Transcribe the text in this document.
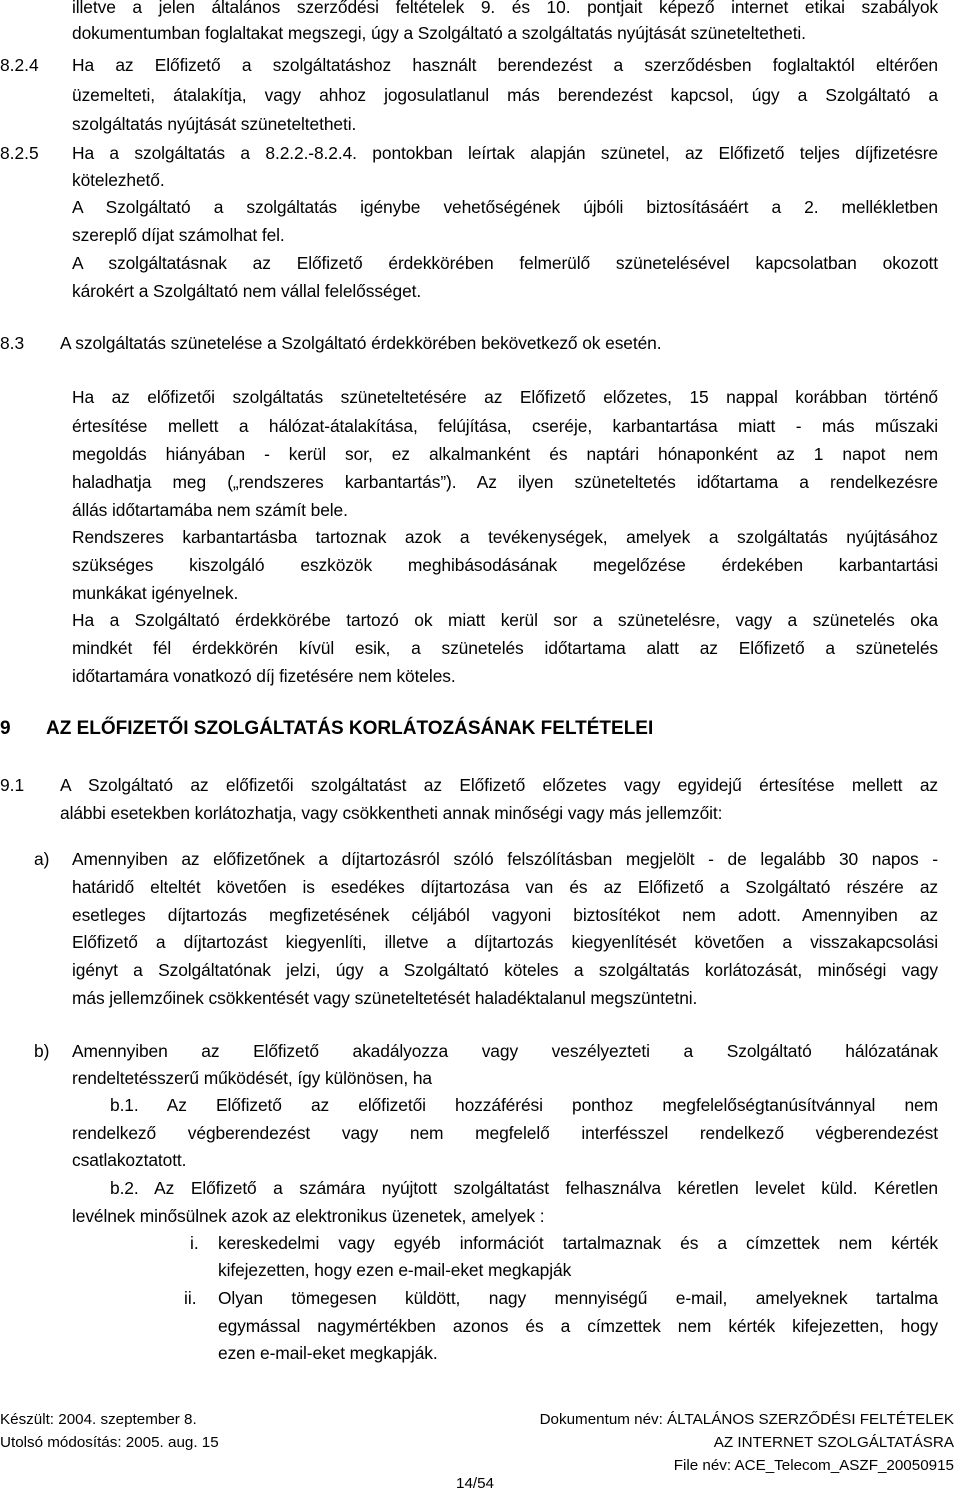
illetve a jelen általános szerződési feltételek 9. és 10. pontjait képező internet etikai szabályok
dokumentumban foglaltakat megszegi, úgy a Szolgáltató a szolgáltatás nyújtását szüneteltetheti.
8.2.4 Ha az Előfizető a szolgáltatáshoz használt berendezést a szerződésben foglaltaktól eltérően
üzemelteti, átalakítja, vagy ahhoz jogosulatlanul más berendezést kapcsol, úgy a Szolgáltató a
szolgáltatás nyújtását szüneteltetheti.
8.2.5 Ha a szolgáltatás a 8.2.2.-8.2.4. pontokban leírtak alapján szünetel, az Előfizető teljes díjfizetésre
kötelezhető.
A Szolgáltató a szolgáltatás igénybe vehetőségének újbóli biztosításáért a 2. mellékletben
szereplő díjat számolhat fel.
A szolgáltatásnak az Előfizető érdekkörében felmerülő szünetelésével kapcsolatban okozott
károkért a Szolgáltató nem vállal felelősséget.
8.3 A szolgáltatás szünetelése a Szolgáltató érdekkörében bekövetkező ok esetén.
Ha az előfizetői szolgáltatás szüneteltetésére az Előfizető előzetes, 15 nappal korábban történő
értesítése mellett a hálózat-átalakítása, felújítása, cseréje, karbantartása miatt - más műszaki
megoldás hiányában - kerül sor, ez alkalmanként és naptári hónaponként az 1 napot nem
haladhatja meg („rendszeres karbantartás”). Az ilyen szüneteltetés időtartama a rendelkezésre
állás időtartamába nem számít bele.
Rendszeres karbantartásba tartoznak azok a tevékenységek, amelyek a szolgáltatás nyújtásához
szükséges kiszolgáló eszközök meghibásodásának megelőzése érdekében karbantartási
munkákat igényelnek.
Ha a Szolgáltató érdekkörébe tartozó ok miatt kerül sor a szünetelésre, vagy a szünetelés oka
mindkét fél érdekkörén kívül esik, a szünetelés időtartama alatt az Előfizető a szünetelés
időtartamára vonatkozó díj fizetésére nem köteles.
9 AZ ELŐFIZETŐI SZOLGÁLTATÁS KORLÁTOZÁSÁNAK FELTÉTELEI
9.1 A Szolgáltató az előfizetői szolgáltatást az Előfizető előzetes vagy egyidejű értesítése mellett az
alábbi esetekben korlátozhatja, vagy csökkentheti annak minőségi vagy más jellemzőit:
a) Amennyiben az előfizetőnek a díjtartozásról szóló felszólításban megjelölt - de legalább 30 napos -
határidő elteltét követően is esedékes díjtartozása van és az Előfizető a Szolgáltató részére az
esetleges díjtartozás megfizetésének céljából vagyoni biztosítékot nem adott. Amennyiben az
Előfizető a díjtartozást kiegyenlíti, illetve a díjtartozás kiegyenlítését követően a visszakapcsolási
igényt a Szolgáltatónak jelzi, úgy a Szolgáltató köteles a szolgáltatás korlátozását, minőségi vagy
más jellemzőinek csökkentését vagy szüneteltetését haladéktalanul megszüntetni.
b) Amennyiben az Előfizető akadályozza vagy veszélyezteti a Szolgáltató hálózatának
rendeltetésszerű működését, így különösen, ha
b.1. Az Előfizető az előfizetői hozzáférési ponthoz megfelelőségtanúsítvánnyal nem
rendelkező végberendezést vagy nem megfelelő interfésszel rendelkező végberendezést
csatlakoztatott.
b.2. Az Előfizető a számára nyújtott szolgáltatást felhasználva kéretlen levelet küld. Kéretlen
levélnek minősülnek azok az elektronikus üzenetek, amelyek :
i. kereskedelmi vagy egyéb információt tartalmaznak és a címzettek nem kérték
kifejezetten, hogy ezen e-mail-eket megkapják
ii. Olyan tömegesen küldött, nagy mennyiségű e-mail, amelyeknek tartalma
egymással nagymértékben azonos és a címzettek nem kérték kifejezetten, hogy
ezen e-mail-eket megkapják.
Készült: 2004. szeptember 8.
Utolsó módosítás: 2005. aug. 15
Dokumentum név: ÁLTALÁNOS SZERZŐDÉSI FELTÉTELEK
AZ INTERNET SZOLGÁLTATÁSRA
File név: ACE_Telecom_ASZF_20050915
14/54
